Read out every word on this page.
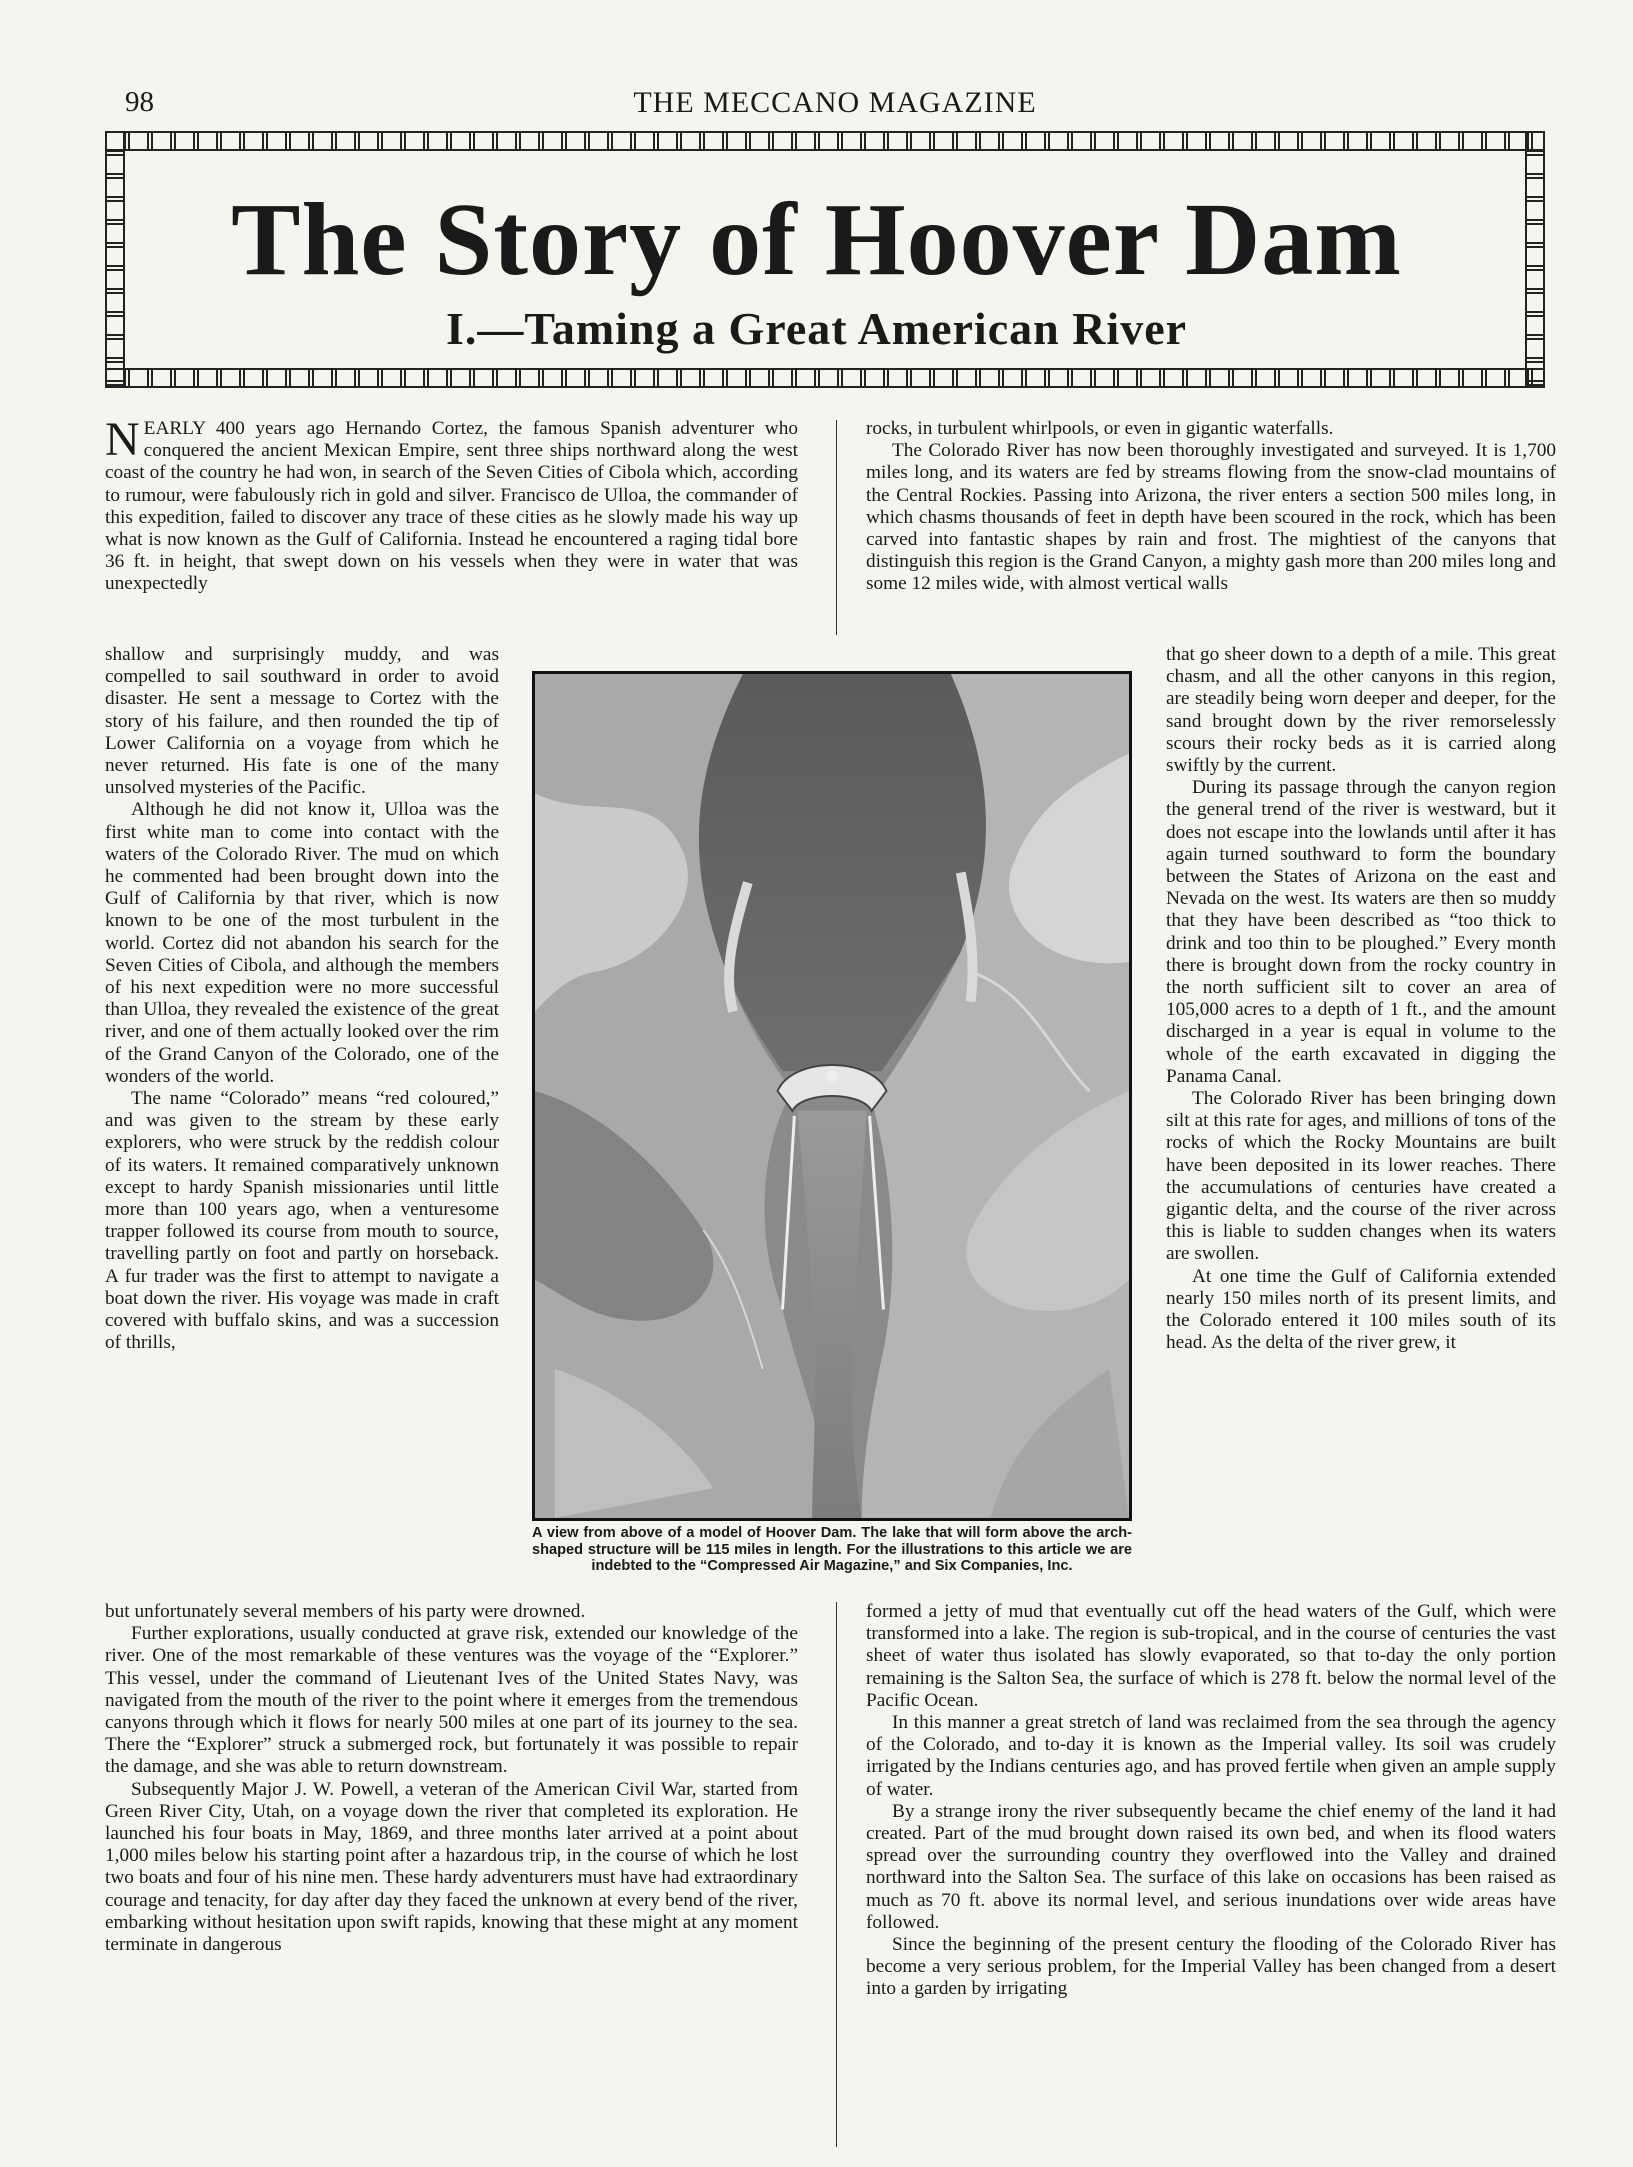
98	THE MECCANO MAGAZINE
The Story of Hoover Dam
I.—Taming a Great American River

NEARLY 400 years ago Hernando Cortez, the famous Spanish adventurer who conquered the ancient Mexican Empire, sent three ships northward along the west coast of the country he had won, in search of the Seven Cities of Cibola which, according to rumour, were fabulously rich in gold and silver. Francisco de Ulloa, the commander of this expedition, failed to discover any trace of these cities as he slowly made his way up what is now known as the Gulf of California. Instead he encountered a raging tidal bore 36 ft. in height, that swept down on his vessels when they were in water that was unexpectedly

shallow and surprisingly muddy, and was compelled to sail southward in order to avoid disaster. He sent a message to Cortez with the story of his failure, and then rounded the tip of Lower California on a voyage from which he never returned. His fate is one of the many unsolved mysteries of the Pacific.

Although he did not know it, Ulloa was the first white man to come into contact with the waters of the Colorado River. The mud on which he commented had been brought down into the Gulf of California by that river, which is now known to be one of the most turbulent in the world. Cortez did not abandon his search for the Seven Cities of Cibola, and although the members of his next expedition were no more successful than Ulloa, they revealed the existence of the great river, and one of them actually looked over the rim of the Grand Canyon of the Colorado, one of the wonders of the world.

The name “Colorado” means “red coloured,” and was given to the stream by these early explorers, who were struck by the reddish colour of its waters. It remained comparatively unknown except to hardy Spanish missionaries until little more than 100 years ago, when a venturesome trapper followed its course from mouth to source, travelling partly on foot and partly on horseback. A fur trader was the first to attempt to navigate a boat down the river. His voyage was made in craft covered with buffalo skins, and was a succession of thrills,

but unfortunately several members of his party were drowned.

Further explorations, usually conducted at grave risk, extended our knowledge of the river. One of the most remarkable of these ventures was the voyage of the “Explorer.” This vessel, under the command of Lieutenant Ives of the United States Navy, was navigated from the mouth of the river to the point where it emerges from the tremendous canyons through which it flows for nearly 500 miles at one part of its journey to the sea. There the “Explorer” struck a submerged rock, but fortunately it was possible to repair the damage, and she was able to return downstream.

Subsequently Major J. W. Powell, a veteran of the American Civil War, started from Green River City, Utah, on a voyage down the river that completed its exploration. He launched his four boats in May, 1869, and three months later arrived at a point about 1,000 miles below his starting point after a hazardous trip, in the course of which he lost two boats and four of his nine men. These hardy adventurers must have had extraordinary courage and tenacity, for day after day they faced the unknown at every bend of the river, embarking without hesitation upon swift rapids, knowing that these might at any moment terminate in dangerous

rocks, in turbulent whirlpools, or even in gigantic waterfalls.

The Colorado River has now been thoroughly investigated and surveyed. It is 1,700 miles long, and its waters are fed by streams flowing from the snow-clad mountains of the Central Rockies. Passing into Arizona, the river enters a section 500 miles long, in which chasms thousands of feet in depth have been scoured in the rock, which has been carved into fantastic shapes by rain and frost. The mightiest of the canyons that distinguish this region is the Grand Canyon, a mighty gash more than 200 miles long and some 12 miles wide, with almost vertical walls

that go sheer down to a depth of a mile. This great chasm, and all the other canyons in this region, are steadily being worn deeper and deeper, for the sand brought down by the river remorselessly scours their rocky beds as it is carried along swiftly by the current.

During its passage through the canyon region the general trend of the river is westward, but it does not escape into the lowlands until after it has again turned southward to form the boundary between the States of Arizona on the east and Nevada on the west. Its waters are then so muddy that they have been described as “too thick to drink and too thin to be ploughed.” Every month there is brought down from the rocky country in the north sufficient silt to cover an area of 105,000 acres to a depth of 1 ft., and the amount discharged in a year is equal in volume to the whole of the earth excavated in digging the Panama Canal.

The Colorado River has been bringing down silt at this rate for ages, and millions of tons of the rocks of which the Rocky Mountains are built have been deposited in its lower reaches. There the accumulations of centuries have created a gigantic delta, and the course of the river across this is liable to sudden changes when its waters are swollen.

At one time the Gulf of California extended nearly 150 miles north of its present limits, and the Colorado entered it 100 miles south of its head. As the delta of the river grew, it

formed a jetty of mud that eventually cut off the head waters of the Gulf, which were transformed into a lake. The region is sub-tropical, and in the course of centuries the vast sheet of water thus isolated has slowly evaporated, so that to-day the only portion remaining is the Salton Sea, the surface of which is 278 ft. below the normal level of the Pacific Ocean.

In this manner a great stretch of land was reclaimed from the sea through the agency of the Colorado, and to-day it is known as the Imperial valley. Its soil was crudely irrigated by the Indians centuries ago, and has proved fertile when given an ample supply of water.

By a strange irony the river subsequently became the chief enemy of the land it had created. Part of the mud brought down raised its own bed, and when its flood waters spread over the surrounding country they overflowed into the Valley and drained northward into the Salton Sea. The surface of this lake on occasions has been raised as much as 70 ft. above its normal level, and serious inundations over wide areas have followed.

Since the beginning of the present century the flooding of the Colorado River has become a very serious problem, for the Imperial Valley has been changed from a desert into a garden by irrigating

A view from above of a model of Hoover Dam. The lake that will form above the arch-shaped structure will be 115 miles in length. For the illustrations to this article we are indebted to the “Compressed Air Magazine,” and Six Companies, Inc.
